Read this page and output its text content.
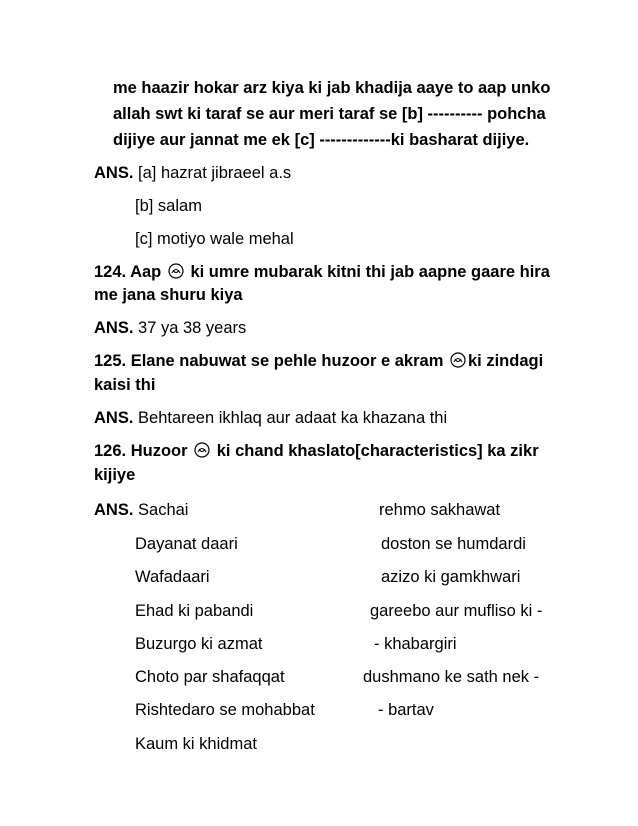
me haazir hokar arz kiya ki jab khadija aaye to aap unko
allah swt ki taraf se aur meri taraf se [b] ---------- pohcha
dijiye aur jannat me ek [c] -------------ki basharat dijiye.
ANS. [a] hazrat jibraeel a.s
[b] salam
[c] motiyo wale mehal
124. Aap ki umre mubarak kitni thi jab aapne gaare hira
me jana shuru kiya
ANS. 37 ya 38 years
125. Elane nabuwat se pehle huzoor e akram ki zindagi
kaisi thi
ANS. Behtareen ikhlaq aur adaat ka khazana thi
126. Huzoor ki chand khaslato[characteristics] ka zikr
kijiye
ANS. Sachai
Dayanat daari
Wafadaari
Ehad ki pabandi
Buzurgo ki azmat
Choto par shafaqqat
Rishtedaro se mohabbat
Kaum ki khidmat
rehmo sakhawat
doston se humdardi
azizo ki gamkhwari
gareebo aur mufliso ki -
- khabargiri
dushmano ke sath nek -
- bartav
